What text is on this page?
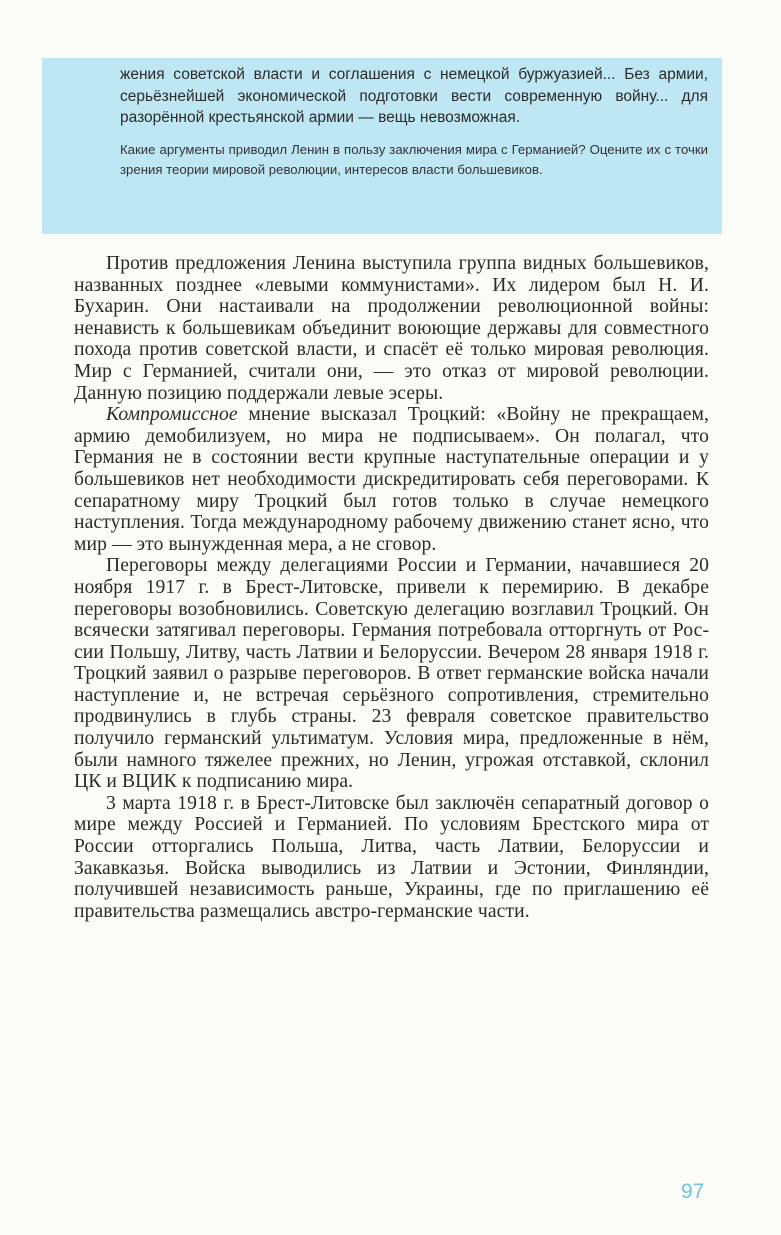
жения советской власти и соглашения с немецкой буржуазией... Без армии, серьёзнейшей экономической подготовки вести современную войну... для разорённой крестьянской армии — вещь невозможная.

Какие аргументы приводил Ленин в пользу заключения мира с Германией? Оцените их с точки зрения теории мировой революции, интересов власти большевиков.

Против предложения Ленина выступила группа видных большевиков, названных позднее «левыми коммунистами». Их лидером был Н. И. Бухарин. Они настаивали на продолжении революционной войны: ненависть к большевикам объединит воюющие державы для совместного похода против советской власти, и спасёт её только мировая революция. Мир с Германией, считали они, — это отказ от мировой революции. Данную позицию поддержали левые эсеры.

Компромиссное мнение высказал Троцкий: «Войну не прекращаем, армию демобилизуем, но мира не подписываем». Он полагал, что Германия не в состоянии вести крупные наступательные операции и у большевиков нет необходимости дискредитировать себя переговорами. К сепаратному миру Троцкий был готов только в случае немецкого наступления. Тогда международному рабочему движению станет ясно, что мир — это вынужденная мера, а не сговор.

Переговоры между делегациями России и Германии, начавшиеся 20 ноября 1917 г. в Брест-Литовске, привели к перемирию. В декабре переговоры возобновились. Советскую делегацию возглавил Троцкий. Он всячески затягивал переговоры. Германия потребовала отторгнуть от России Польшу, Литву, часть Латвии и Белоруссии. Вечером 28 января 1918 г. Троцкий заявил о разрыве переговоров. В ответ германские войска начали наступление и, не встречая серьёзного сопротивления, стремительно продвинулись в глубь страны. 23 февраля советское правительство получило германский ультиматум. Условия мира, предложенные в нём, были намного тяжелее прежних, но Ленин, угрожая отставкой, склонил ЦК и ВЦИК к подписанию мира.

3 марта 1918 г. в Брест-Литовске был заключён сепаратный договор о мире между Россией и Германией. По условиям Брестского мира от России отторгались Польша, Литва, часть Латвии, Белоруссии и Закавказья. Войска выводились из Латвии и Эстонии, Финляндии, получившей независимость раньше, Украины, где по приглашению её правительства размещались австро-германские части.

97
